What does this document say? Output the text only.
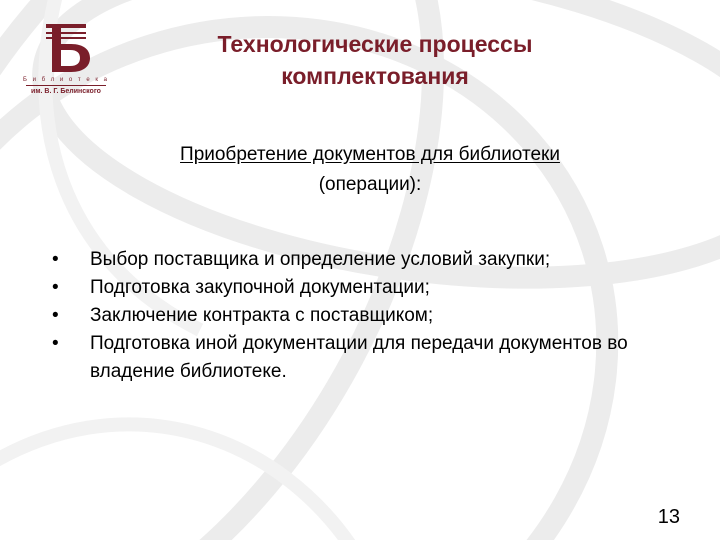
Б и б л и о т е к а
им. В. Г. Белинского
Технологические процессы
комплектования
Приобретение документов для библиотеки
(операции):
• Выбор поставщика и определение условий закупки;
• Подготовка закупочной документации;
• Заключение контракта с поставщиком;
• Подготовка иной документации для передачи документов во владение библиотеке.
13
